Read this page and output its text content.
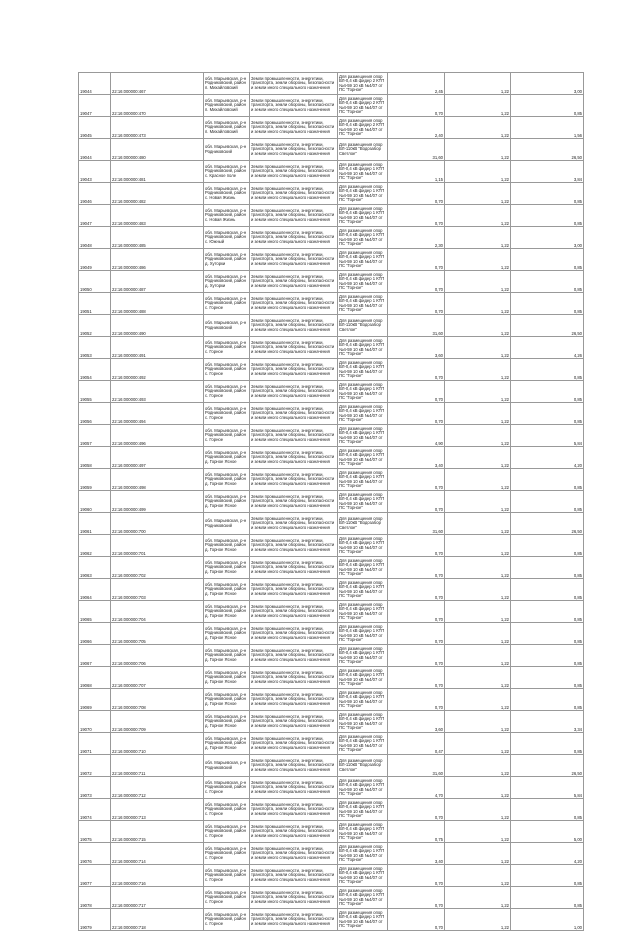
19044	22:16:000000:467	обл. Марьевская, р-н Родниковский, район п. Михайловский	Земли промышленности, энергетики, транспорта, земли обороны, безопасности и земли иного специального назначения	Для размещения опор ВЛ-0,4 кВ фидер 2 КТП №4-59 10 кВ №4/07 от ПС "Горное"	2,45	1,22	3,00
19047	22:16:000000:470	обл. Марьевская, р-н Родниковский, район п. Михайловский	Земли промышленности, энергетики, транспорта, земли обороны, безопасности и земли иного специального назначения	Для размещения опор ВЛ-0,4 кВ фидер 2 КТП №4-59 10 кВ №4/07 от ПС "Горное"	0,70	1,22	0,85
19045	22:16:000000:473	обл. Марьевская, р-н Родниковский, район п. Михайловский	Земли промышленности, энергетики, транспорта, земли обороны, безопасности и земли иного специального назначения	Для размещения опор ВЛ-0,4 кВ фидер 2 КТП №4-59 10 кВ №4/07 от ПС "Горное"	2,40	1,22	1,56
19044	22:16:000000:480	обл. Марьевская, р-н Родниковский	Земли промышленности, энергетики, транспорта, земли обороны, безопасности и земли иного специального назначения	Для размещения опор ВЛ-110кВ "Водозабор Светлое"	31,60	1,22	26,50
19043	22:16:000000:481	обл. Марьевская, р-н Родниковский, район с. Красное поле	Земли промышленности, энергетики, транспорта, земли обороны, безопасности и земли иного специального назначения	Для размещения опор ВЛ-0,4 кВ фидер 1 КТП №4-59 10 кВ №4/07 от ПС "Горное"	1,15	1,22	3,84
19046	22:16:000000:482	обл. Марьевская, р-н Родниковский, район с. Новая Жизнь	Земли промышленности, энергетики, транспорта, земли обороны, безопасности и земли иного специального назначения	Для размещения опор ВЛ-0,4 кВ фидер 1 КТП №4-59 10 кВ №4/07 от ПС "Горное"	0,70	1,22	0,85
19047	22:16:000000:483	обл. Марьевская, р-н Родниковский, район с. Новая Жизнь	Земли промышленности, энергетики, транспорта, земли обороны, безопасности и земли иного специального назначения	Для размещения опор ВЛ-0,4 кВ фидер 1 КТП №4-59 10 кВ №4/07 от ПС "Горное"	0,70	1,22	0,85
19048	22:16:000000:485	обл. Марьевская, р-н Родниковский, район с. Южный	Земли промышленности, энергетики, транспорта, земли обороны, безопасности и земли иного специального назначения	Для размещения опор ВЛ-0,4 кВ фидер 1 КТП №4-59 10 кВ №4/07 от ПС "Горное"	2,30	1,22	3,00
19049	22:16:000000:486	обл. Марьевская, р-н Родниковский, район д. Хуторки	Земли промышленности, энергетики, транспорта, земли обороны, безопасности и земли иного специального назначения	Для размещения опор ВЛ-0,4 кВ фидер 1 КТП №4-59 10 кВ №4/07 от ПС "Горное"	0,70	1,22	0,85
19050	22:16:000000:487	обл. Марьевская, р-н Родниковский, район д. Хуторки	Земли промышленности, энергетики, транспорта, земли обороны, безопасности и земли иного специального назначения	Для размещения опор ВЛ-0,4 кВ фидер 1 КТП №4-59 10 кВ №4/07 от ПС "Горное"	0,70	1,22	0,85
19051	22:16:000000:488	обл. Марьевская, р-н Родниковский, район с. Горное	Земли промышленности, энергетики, транспорта, земли обороны, безопасности и земли иного специального назначения	Для размещения опор ВЛ-0,4 кВ фидер 1 КТП №4-59 10 кВ №4/07 от ПС "Горное"	0,70	1,22	0,85
19052	22:16:000000:490	обл. Марьевская, р-н Родниковский	Земли промышленности, энергетики, транспорта, земли обороны, безопасности и земли иного специального назначения	Для размещения опор ВЛ-110кВ "Водозабор Светлое"	31,60	1,22	26,50
19053	22:16:000000:491	обл. Марьевская, р-н Родниковский, район с. Горное	Земли промышленности, энергетики, транспорта, земли обороны, безопасности и земли иного специального назначения	Для размещения опор ВЛ-0,4 кВ фидер 1 КТП №4-59 10 кВ №4/07 от ПС "Горное"	3,60	1,22	4,26
19054	22:16:000000:492	обл. Марьевская, р-н Родниковский, район с. Горное	Земли промышленности, энергетики, транспорта, земли обороны, безопасности и земли иного специального назначения	Для размещения опор ВЛ-0,4 кВ фидер 1 КТП №4-59 10 кВ №4/07 от ПС "Горное"	0,70	1,22	0,85
19055	22:16:000000:493	обл. Марьевская, р-н Родниковский, район с. Горное	Земли промышленности, энергетики, транспорта, земли обороны, безопасности и земли иного специального назначения	Для размещения опор ВЛ-0,4 кВ фидер 1 КТП №4-59 10 кВ №4/07 от ПС "Горное"	0,70	1,22	0,85
19056	22:16:000000:494	обл. Марьевская, р-н Родниковский, район с. Горное	Земли промышленности, энергетики, транспорта, земли обороны, безопасности и земли иного специального назначения	Для размещения опор ВЛ-0,4 кВ фидер 1 КТП №4-59 10 кВ №4/07 от ПС "Горное"	0,70	1,22	0,85
19057	22:16:000000:496	обл. Марьевская, р-н Родниковский, район с. Горное	Земли промышленности, энергетики, транспорта, земли обороны, безопасности и земли иного специального назначения	Для размещения опор ВЛ-0,4 кВ фидер 1 КТП №4-59 10 кВ №4/07 от ПС "Горное"	4,90	1,22	5,84
19058	22:16:000000:497	обл. Марьевская, р-н Родниковский, район д. Горное Ясное	Земли промышленности, энергетики, транспорта, земли обороны, безопасности и земли иного специального назначения	Для размещения опор ВЛ-0,4 кВ фидер 1 КТП №4-59 10 кВ №4/07 от ПС "Горное"	3,40	1,22	4,20
19059	22:16:000000:498	обл. Марьевская, р-н Родниковский, район д. Горное Ясное	Земли промышленности, энергетики, транспорта, земли обороны, безопасности и земли иного специального назначения	Для размещения опор ВЛ-0,4 кВ фидер 1 КТП №4-59 10 кВ №4/07 от ПС "Горное"	0,70	1,22	0,85
19060	22:16:000000:499	обл. Марьевская, р-н Родниковский, район д. Горное Ясное	Земли промышленности, энергетики, транспорта, земли обороны, безопасности и земли иного специального назначения	Для размещения опор ВЛ-0,4 кВ фидер 1 КТП №4-59 10 кВ №4/07 от ПС "Горное"	0,70	1,22	0,85
19061	22:16:000000:700	обл. Марьевская, р-н Родниковский	Земли промышленности, энергетики, транспорта, земли обороны, безопасности и земли иного специального назначения	Для размещения опор ВЛ-110кВ "Водозабор Светлое"	31,60	1,22	26,50
19062	22:16:000000:701	обл. Марьевская, р-н Родниковский, район д. Горное Ясное	Земли промышленности, энергетики, транспорта, земли обороны, безопасности и земли иного специального назначения	Для размещения опор ВЛ-0,4 кВ фидер 1 КТП №4-59 10 кВ №4/07 от ПС "Горное"	0,70	1,22	0,85
19063	22:16:000000:702	обл. Марьевская, р-н Родниковский, район д. Горное Ясное	Земли промышленности, энергетики, транспорта, земли обороны, безопасности и земли иного специального назначения	Для размещения опор ВЛ-0,4 кВ фидер 1 КТП №4-59 10 кВ №4/07 от ПС "Горное"	0,70	1,22	0,85
19064	22:16:000000:703	обл. Марьевская, р-н Родниковский, район д. Горное Ясное	Земли промышленности, энергетики, транспорта, земли обороны, безопасности и земли иного специального назначения	Для размещения опор ВЛ-0,4 кВ фидер 1 КТП №4-59 10 кВ №4/07 от ПС "Горное"	0,70	1,22	0,85
19065	22:16:000000:704	обл. Марьевская, р-н Родниковский, район д. Горное Ясное	Земли промышленности, энергетики, транспорта, земли обороны, безопасности и земли иного специального назначения	Для размещения опор ВЛ-0,4 кВ фидер 1 КТП №4-59 10 кВ №4/07 от ПС "Горное"	0,70	1,22	0,85
19066	22:16:000000:705	обл. Марьевская, р-н Родниковский, район д. Горное Ясное	Земли промышленности, энергетики, транспорта, земли обороны, безопасности и земли иного специального назначения	Для размещения опор ВЛ-0,4 кВ фидер 1 КТП №4-59 10 кВ №4/07 от ПС "Горное"	0,70	1,22	0,85
19067	22:16:000000:706	обл. Марьевская, р-н Родниковский, район д. Горное Ясное	Земли промышленности, энергетики, транспорта, земли обороны, безопасности и земли иного специального назначения	Для размещения опор ВЛ-0,4 кВ фидер 1 КТП №4-59 10 кВ №4/07 от ПС "Горное"	0,70	1,22	0,85
19068	22:16:000000:707	обл. Марьевская, р-н Родниковский, район д. Горное Ясное	Земли промышленности, энергетики, транспорта, земли обороны, безопасности и земли иного специального назначения	Для размещения опор ВЛ-0,4 кВ фидер 1 КТП №4-59 10 кВ №4/07 от ПС "Горное"	0,70	1,22	0,85
19069	22:16:000000:708	обл. Марьевская, р-н Родниковский, район д. Горное Ясное	Земли промышленности, энергетики, транспорта, земли обороны, безопасности и земли иного специального назначения	Для размещения опор ВЛ-0,4 кВ фидер 1 КТП №4-59 10 кВ №4/07 от ПС "Горное"	0,70	1,22	0,85
19070	22:16:000000:709	обл. Марьевская, р-н Родниковский, район д. Горное Ясное	Земли промышленности, энергетики, транспорта, земли обороны, безопасности и земли иного специального назначения	Для размещения опор ВЛ-0,4 кВ фидер 1 КТП №4-59 10 кВ №4/07 от ПС "Горное"	3,60	1,22	3,34
19071	22:16:000000:710	обл. Марьевская, р-н Родниковский, район д. Горное Ясное	Земли промышленности, энергетики, транспорта, земли обороны, безопасности и земли иного специального назначения	Для размещения опор ВЛ-0,4 кВ фидер 1 КТП №4-59 10 кВ №4/07 от ПС "Горное"	0,47	1,22	0,85
19072	22:16:000000:711	обл. Марьевская, р-н Родниковский	Земли промышленности, энергетики, транспорта, земли обороны, безопасности и земли иного специального назначения	Для размещения опор ВЛ-110кВ "Водозабор Светлое"	31,60	1,22	26,50
19073	22:16:000000:712	обл. Марьевская, р-н Родниковский, район с. Горное	Земли промышленности, энергетики, транспорта, земли обороны, безопасности и земли иного специального назначения	Для размещения опор ВЛ-0,4 кВ фидер 1 КТП №4-59 10 кВ №4/07 от ПС "Горное"	4,70	1,22	5,84
19074	22:16:000000:713	обл. Марьевская, р-н Родниковский, район с. Горное	Земли промышленности, энергетики, транспорта, земли обороны, безопасности и земли иного специального назначения	Для размещения опор ВЛ-0,4 кВ фидер 1 КТП №4-59 10 кВ №4/07 от ПС "Горное"	0,70	1,22	0,85
19075	22:16:000000:715	обл. Марьевская, р-н Родниковский, район с. Горное	Земли промышленности, энергетики, транспорта, земли обороны, безопасности и земли иного специального назначения	Для размещения опор ВЛ-0,4 кВ фидер 1 КТП №4-59 10 кВ №4/07 от ПС "Горное"	0,75	1,22	5,00
19076	22:16:000000:714	обл. Марьевская, р-н Родниковский, район с. Горное	Земли промышленности, энергетики, транспорта, земли обороны, безопасности и земли иного специального назначения	Для размещения опор ВЛ-0,4 кВ фидер 1 КТП №4-59 10 кВ №4/07 от ПС "Горное"	3,40	1,22	4,20
19077	22:16:000000:716	обл. Марьевская, р-н Родниковский, район с. Горное	Земли промышленности, энергетики, транспорта, земли обороны, безопасности и земли иного специального назначения	Для размещения опор ВЛ-0,4 кВ фидер 1 КТП №4-59 10 кВ №4/07 от ПС "Горное"	0,70	1,22	0,85
19078	22:16:000000:717	обл. Марьевская, р-н Родниковский, район с. Горное	Земли промышленности, энергетики, транспорта, земли обороны, безопасности и земли иного специального назначения	Для размещения опор ВЛ-0,4 кВ фидер 1 КТП №4-59 10 кВ №4/07 от ПС "Горное"	0,70	1,22	0,85
19079	22:16:000000:718	обл. Марьевская, р-н Родниковский, район с. Горное	Земли промышленности, энергетики, транспорта, земли обороны, безопасности и земли иного специального назначения	Для размещения опор ВЛ-0,4 кВ фидер 1 КТП №4-59 10 кВ №4/07 от ПС "Горное"	0,70	1,22	1,00
